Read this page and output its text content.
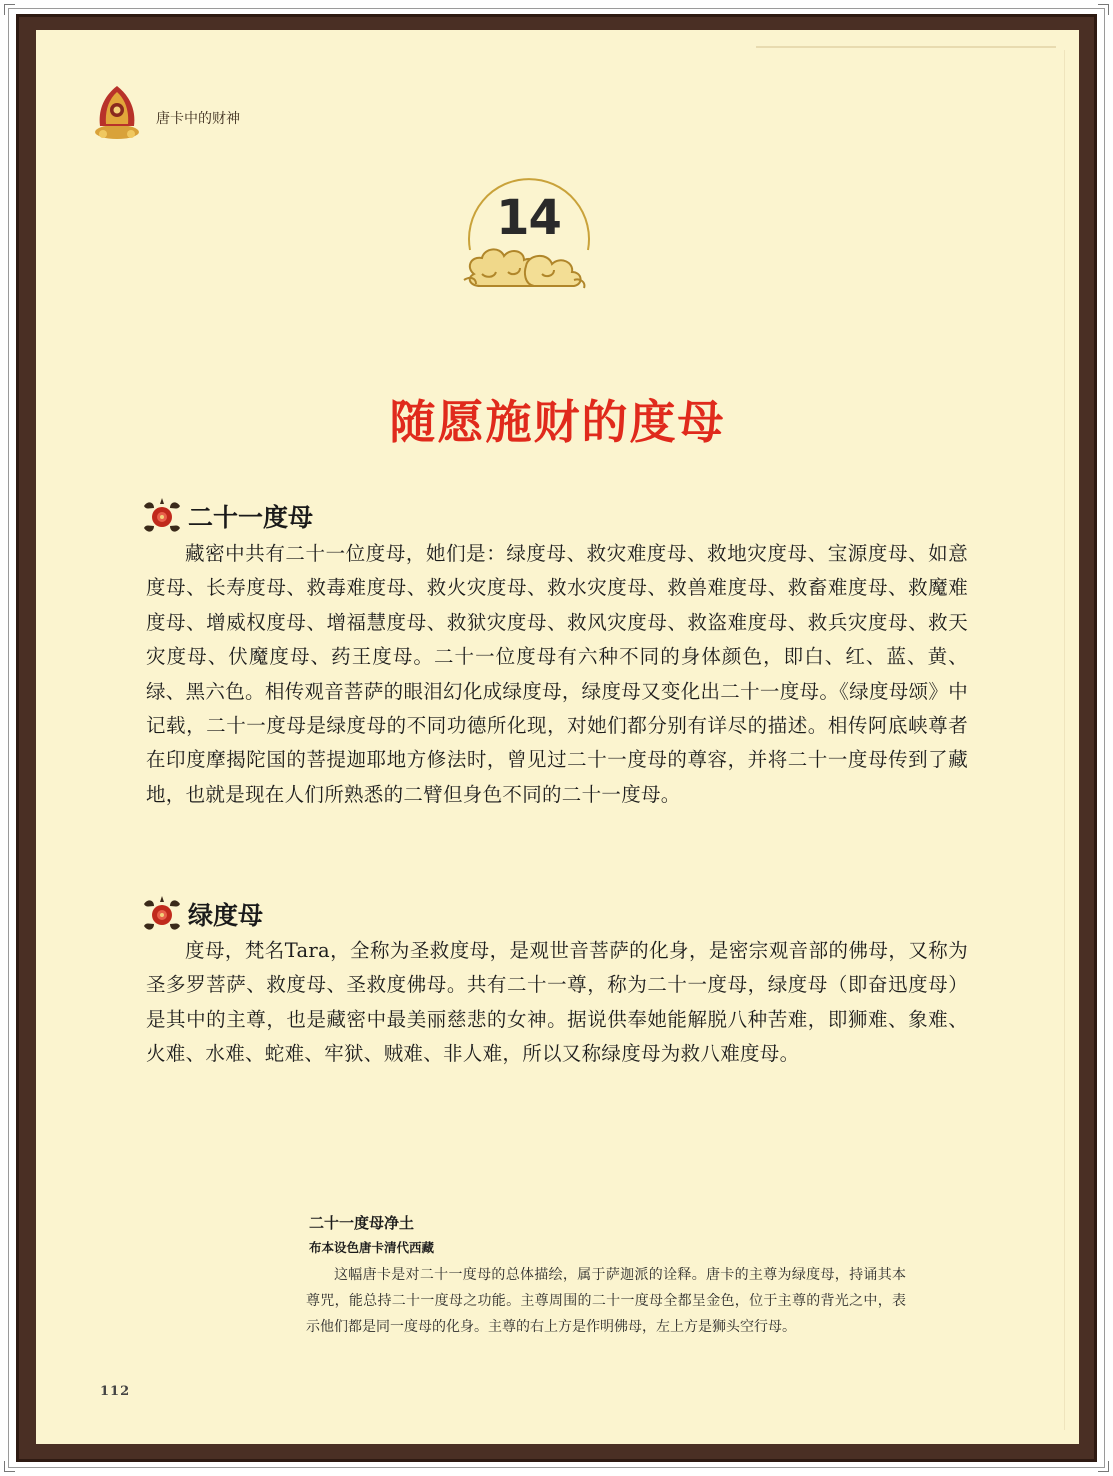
唐卡中的财神
14
随愿施财的度母
二十一度母

藏密中共有二十一位度母，她们是：绿度母、救灾难度母、救地灾度母、宝源度母、如意度母、长寿度母、救毒难度母、救火灾度母、救水灾度母、救兽难度母、救畜难度母、救魔难度母、增威权度母、增福慧度母、救狱灾度母、救风灾度母、救盗难度母、救兵灾度母、救天灾度母、伏魔度母、药王度母。二十一位度母有六种不同的身体颜色，即白、红、蓝、黄、绿、黑六色。相传观音菩萨的眼泪幻化成绿度母，绿度母又变化出二十一度母。《绿度母颂》中记载，二十一度母是绿度母的不同功德所化现，对她们都分别有详尽的描述。相传阿底峡尊者在印度摩揭陀国的菩提迦耶地方修法时，曾见过二十一度母的尊容，并将二十一度母传到了藏地，也就是现在人们所熟悉的二臂但身色不同的二十一度母。

绿度母

度母，梵名Tara，全称为圣救度母，是观世音菩萨的化身，是密宗观音部的佛母，又称为圣多罗菩萨、救度母、圣救度佛母。共有二十一尊，称为二十一度母，绿度母（即奋迅度母）是其中的主尊，也是藏密中最美丽慈悲的女神。据说供奉她能解脱八种苦难，即狮难、象难、火难、水难、蛇难、牢狱、贼难、非人难，所以又称绿度母为救八难度母。

二十一度母净土
布本设色唐卡清代西藏

这幅唐卡是对二十一度母的总体描绘，属于萨迦派的诠释。唐卡的主尊为绿度母，持诵其本尊咒，能总持二十一度母之功能。主尊周围的二十一度母全都呈金色，位于主尊的背光之中，表示他们都是同一度母的化身。主尊的右上方是作明佛母，左上方是狮头空行母。

112
